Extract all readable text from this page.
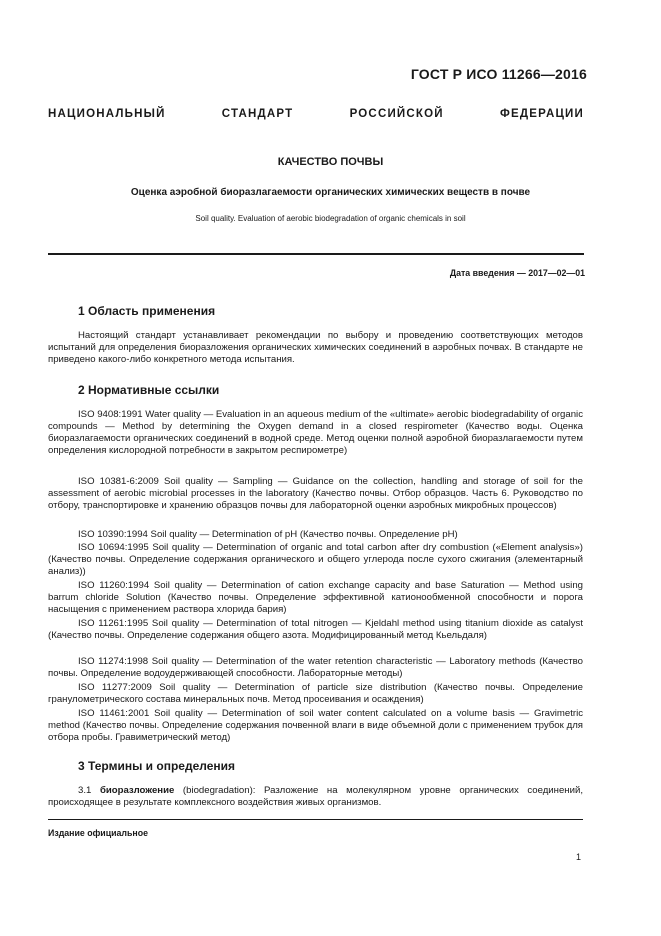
ГОСТ Р ИСО 11266—2016
НАЦИОНАЛЬНЫЙ СТАНДАРТ РОССИЙСКОЙ ФЕДЕРАЦИИ
КАЧЕСТВО ПОЧВЫ
Оценка аэробной биоразлагаемости органических химических веществ в почве
Soil quality. Evaluation of aerobic biodegradation of organic chemicals in soil
Дата введения — 2017—02—01
1 Область применения

Настоящий стандарт устанавливает рекомендации по выбору и проведению соответствующих методов испытаний для определения биоразложения органических химических соединений в аэробных почвах. В стандарте не приведено какого-либо конкретного метода испытания.

2 Нормативные ссылки

ISO 9408:1991 Water quality — Evaluation in an aqueous medium of the «ultimate» aerobic biodegradability of organic compounds — Method by determining the Oxygen demand in a closed respirometer (Качество воды. Оценка биоразлагаемости органических соединений в водной среде. Метод оценки полной аэробной биоразлагаемости путем определения кислородной потребности в закрытом респирометре)

ISO 10381-6:2009 Soil quality — Sampling — Guidance on the collection, handling and storage of soil for the assessment of aerobic microbial processes in the laboratory (Качество почвы. Отбор образцов. Часть 6. Руководство по отбору, транспортировке и хранению образцов почвы для лабораторной оценки аэробных микробных процессов)

ISO 10390:1994 Soil quality — Determination of pH (Качество почвы. Определение pH)

ISO 10694:1995 Soil quality — Determination of organic and total carbon after dry combustion («Element analysis») (Качество почвы. Определение содержания органического и общего углерода после сухого сжигания (элементарный анализ))

ISO 11260:1994 Soil quality — Determination of cation exchange capacity and base Saturation — Method using barrum chloride Solution (Качество почвы. Определение эффективной катионообменной способности и порога насыщения с применением раствора хлорида бария)

ISO 11261:1995 Soil quality — Determination of total nitrogen — Kjeldahl method using titanium dioxide as catalyst (Качество почвы. Определение содержания общего азота. Модифицированный метод Кьельдаля)

ISO 11274:1998 Soil quality — Determination of the water retention characteristic — Laboratory methods (Качество почвы. Определение водоудерживающей способности. Лабораторные методы)

ISO 11277:2009 Soil quality — Determination of particle size distribution (Качество почвы. Определение гранулометрического состава минеральных почв. Метод просеивания и осаждения)

ISO 11461:2001 Soil quality — Determination of soil water content calculated on a volume basis — Gravimetric method (Качество почвы. Определение содержания почвенной влаги в виде объемной доли с применением трубок для отбора пробы. Гравиметрический метод)

3 Термины и определения

3.1 биоразложение (biodegradation): Разложение на молекулярном уровне органических соединений, происходящее в результате комплексного воздействия живых организмов.

Издание официальное
1
